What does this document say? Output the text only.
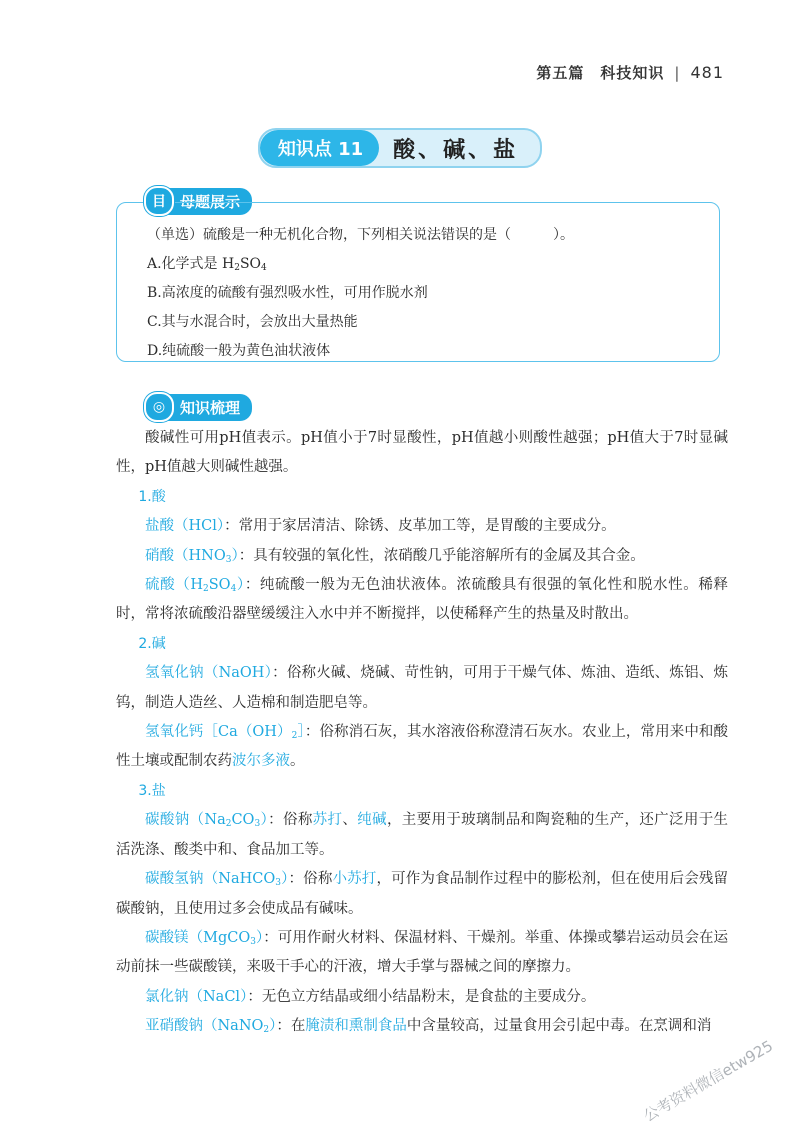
第五篇　科技知识 | 481
知识点 11	酸、碱、盐
目 母题展示

（单选）硫酸是一种无机化合物，下列相关说法错误的是（　　　）。

A.化学式是 $H_2SO_4$

B.高浓度的硫酸有强烈吸水性，可用作脱水剂

C.其与水混合时，会放出大量热能

D.纯硫酸一般为黄色油状液体

◎ 知识梳理

酸碱性可用pH值表示。pH值小于7时显酸性，pH值越小则酸性越强；pH值大于7时显碱性，pH值越大则碱性越强。

1.酸

盐酸（HCl）：常用于家居清洁、除锈、皮革加工等，是胃酸的主要成分。

硝酸$(HNO_3)$：具有较强的氧化性，浓硝酸几乎能溶解所有的金属及其合金。

硫酸$(H_2SO_4)$：纯硫酸一般为无色油状液体。浓硫酸具有很强的氧化性和脱水性。稀释时，常将浓硫酸沿器壁缓缓注入水中并不断搅拌，以使稀释产生的热量及时散出。

2.碱

氢氧化钠（NaOH）：俗称火碱、烧碱、苛性钠，可用于干燥气体、炼油、造纸、炼铝、炼钨，制造人造丝、人造棉和制造肥皂等。

氢氧化钙$[Ca(OH)_2]$：俗称消石灰，其水溶液俗称澄清石灰水。农业上，常用来中和酸性土壤或配制农药波尔多液。

3.盐

碳酸钠$(Na_2CO_3)$：俗称苏打、纯碱，主要用于玻璃制品和陶瓷釉的生产，还广泛用于生活洗涤、酸类中和、食品加工等。

碳酸氢钠（NaHCO$_3$）：俗称小苏打，可作为食品制作过程中的膨松剂，但在使用后会残留碳酸钠，且使用过多会使成品有碱味。

碳酸镁（MgCO$_3$）：可用作耐火材料、保温材料、干燥剂。举重、体操或攀岩运动员会在运动前抹一些碳酸镁，来吸干手心的汗液，增大手掌与器械之间的摩擦力。

氯化钠（NaCl）：无色立方结晶或细小结晶粉末，是食盐的主要成分。

亚硝酸钠（NaNO$_2$）：在腌渍和熏制食品中含量较高，过量食用会引起中毒。在烹调和消

公考资料微信etw925
